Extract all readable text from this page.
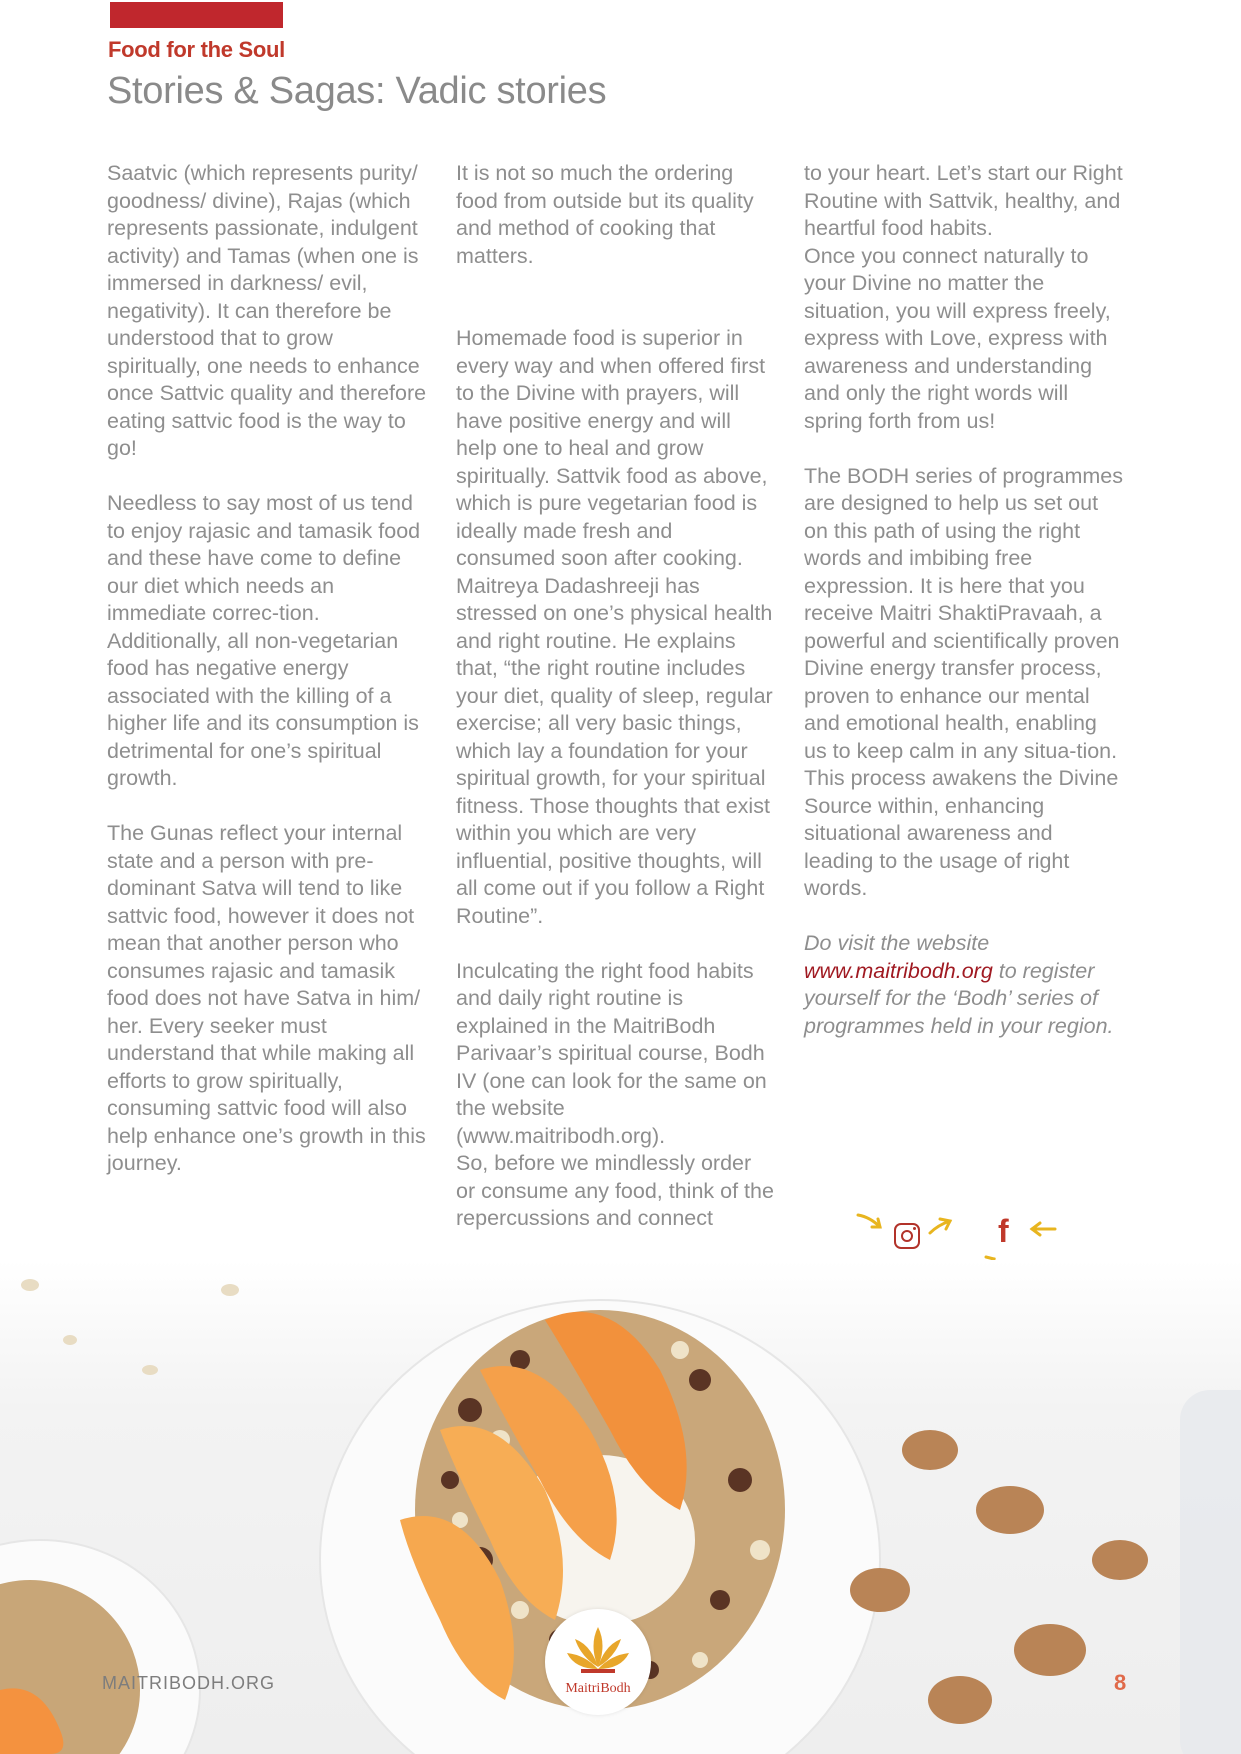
Food for the Soul
Stories & Sagas: Vadic stories

Saatvic (which represents purity/ goodness/ divine), Rajas (which represents passionate, indulgent activity) and Tamas (when one is immersed in darkness/ evil, negativity). It can therefore be understood that to grow spiritually, one needs to enhance once Sattvic quality and therefore eating sattvic food is the way to go!

Needless to say most of us tend to enjoy rajasic and tamasik food and these have come to define our diet which needs an immediate correc-tion.

Additionally, all non-vegetarian food has negative energy associated with the killing of a higher life and its consumption is detrimental for one’s spiritual growth.

The Gunas reflect your internal state and a person with pre-dominant Satva will tend to like sattvic food, however it does not mean that another person who consumes rajasic and tamasik food does not have Satva in him/ her. Every seeker must understand that while making all efforts to grow spiritually, consuming sattvic food will also help enhance one’s growth in this journey.

It is not so much the ordering food from outside but its quality and method of cooking that matters.

Homemade food is superior in every way and when offered first to the Divine with prayers, will have positive energy and will help one to heal and grow spiritually. Sattvik food as above, which is pure vegetarian food is ideally made fresh and consumed soon after cooking. Maitreya Dadashreeji has stressed on one’s physical health and right routine. He explains that, “the right routine includes your diet, quality of sleep, regular exercise; all very basic things, which lay a foundation for your spiritual growth, for your spiritual fitness. Those thoughts that exist within you which are very influential, positive thoughts, will all come out if you follow a Right Routine”.

Inculcating the right food habits and daily right routine is explained in the MaitriBodh Parivaar’s spiritual course, Bodh IV (one can look for the same on the website (www.maitribodh.org).

So, before we mindlessly order or consume any food, think of the repercussions and connect

to your heart. Let’s start our Right Routine with Sattvik, healthy, and heartful food habits.

Once you connect naturally to your Divine no matter the situation, you will express freely, express with Love, express with awareness and understanding and only the right words will spring forth from us!

The BODH series of programmes are designed to help us set out on this path of using the right words and imbibing free expression. It is here that you receive Maitri ShaktiPravaah, a powerful and scientifically proven Divine energy transfer process, proven to enhance our mental and emotional health, enabling us to keep calm in any situa-tion. This process awakens the Divine Source within, enhancing situational awareness and leading to the usage of right words.

Do visit the website www.maitribodh.org to register yourself for the ‘Bodh’ series of programmes held in your region.

f
MAITRIBODH.ORG	MaitriBodh	8
